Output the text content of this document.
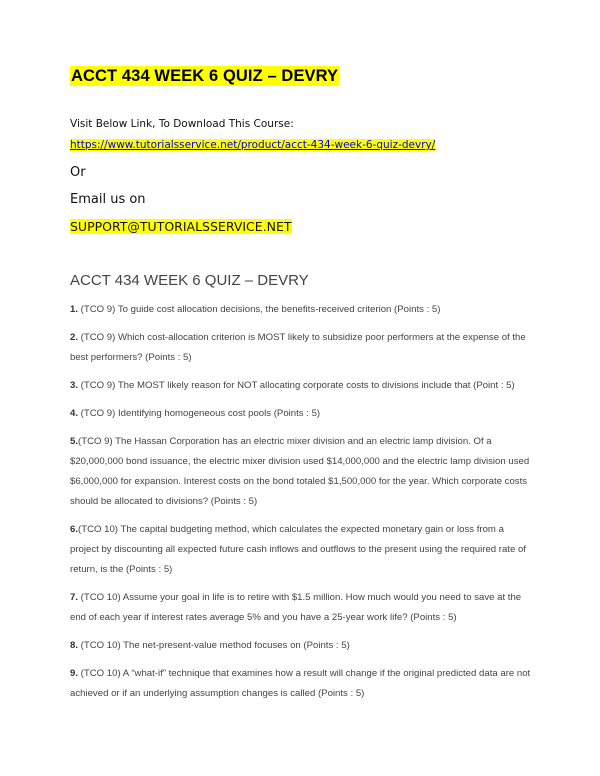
ACCT 434 WEEK 6 QUIZ – DEVRY
Visit Below Link, To Download This Course:
https://www.tutorialsservice.net/product/acct-434-week-6-quiz-devry/
Or
Email us on
SUPPORT@TUTORIALSSERVICE.NET
ACCT 434 WEEK 6 QUIZ – DEVRY
1. (TCO 9) To guide cost allocation decisions, the benefits-received criterion (Points : 5)
2. (TCO 9) Which cost-allocation criterion is MOST likely to subsidize poor performers at the expense of the best performers? (Points : 5)
3. (TCO 9) The MOST likely reason for NOT allocating corporate costs to divisions include that (Point : 5)
4. (TCO 9) Identifying homogeneous cost pools (Points : 5)
5.(TCO 9) The Hassan Corporation has an electric mixer division and an electric lamp division. Of a $20,000,000 bond issuance, the electric mixer division used $14,000,000 and the electric lamp division used $6,000,000 for expansion. Interest costs on the bond totaled $1,500,000 for the year. Which corporate costs should be allocated to divisions? (Points : 5)
6.(TCO 10) The capital budgeting method, which calculates the expected monetary gain or loss from a project by discounting all expected future cash inflows and outflows to the present using the required rate of return, is the (Points : 5)
7. (TCO 10) Assume your goal in life is to retire with $1.5 million. How much would you need to save at the end of each year if interest rates average 5% and you have a 25-year work life? (Points : 5)
8. (TCO 10) The net-present-value method focuses on (Points : 5)
9. (TCO 10) A “what-if” technique that examines how a result will change if the original predicted data are not achieved or if an underlying assumption changes is called (Points : 5)
